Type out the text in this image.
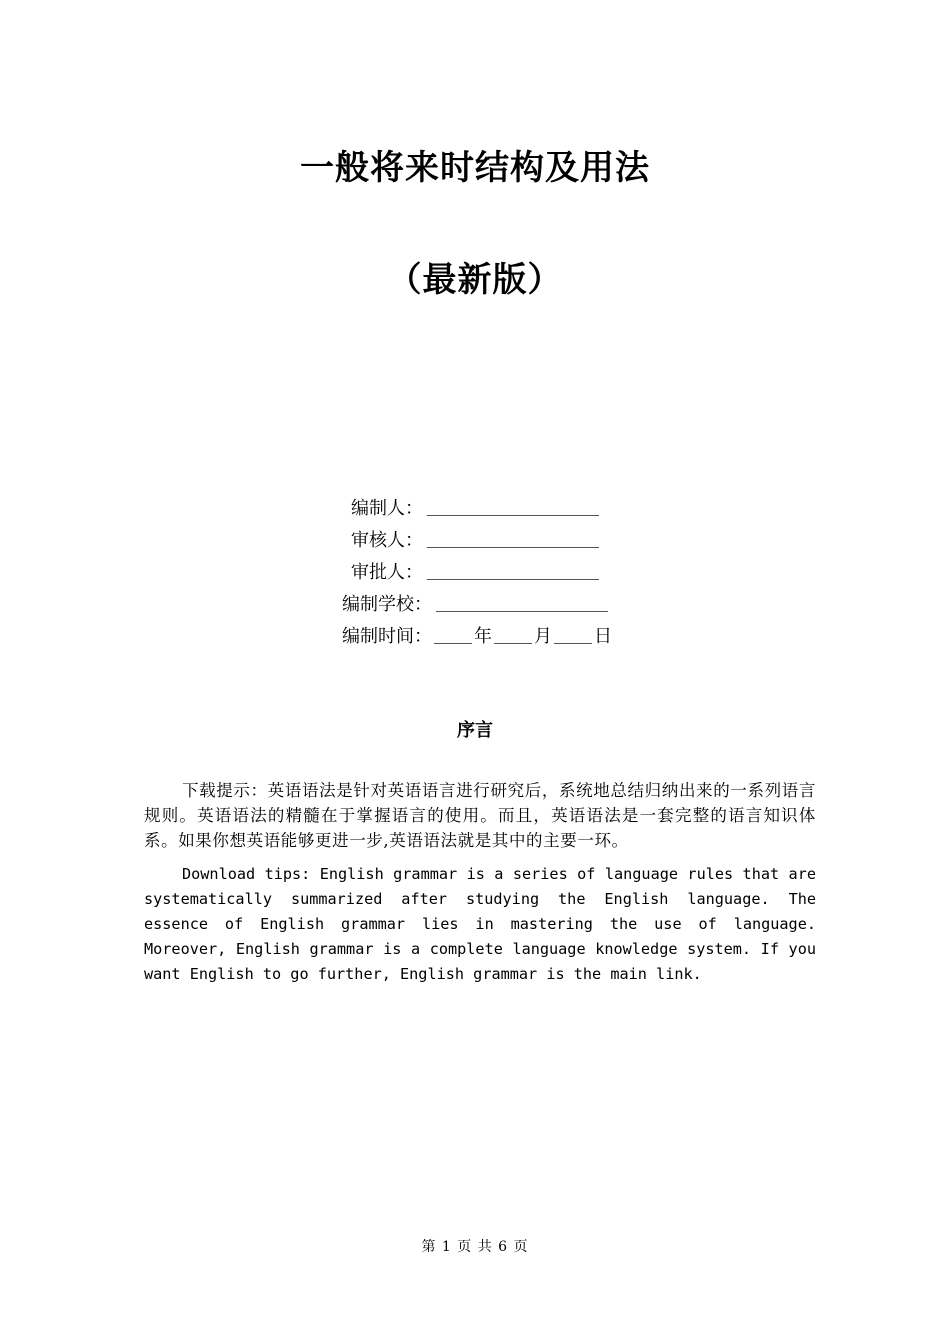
一般将来时结构及用法
（最新版）
编制人：
审核人：
审批人：
编制学校：
编制时间： 年 月 日
序言
下载提示：英语语法是针对英语语言进行研究后，系统地总结归纳出来的一系列语言规则。英语语法的精髓在于掌握语言的使用。而且，英语语法是一套完整的语言知识体系。如果你想英语能够更进一步,英语语法就是其中的主要一环。
Download tips: English grammar is a series of language rules that are systematically summarized after studying the English language. The essence of English grammar lies in mastering the use of language. Moreover, English grammar is a complete language knowledge system. If you want English to go further, English grammar is the main link.
第 1 页 共 6 页
